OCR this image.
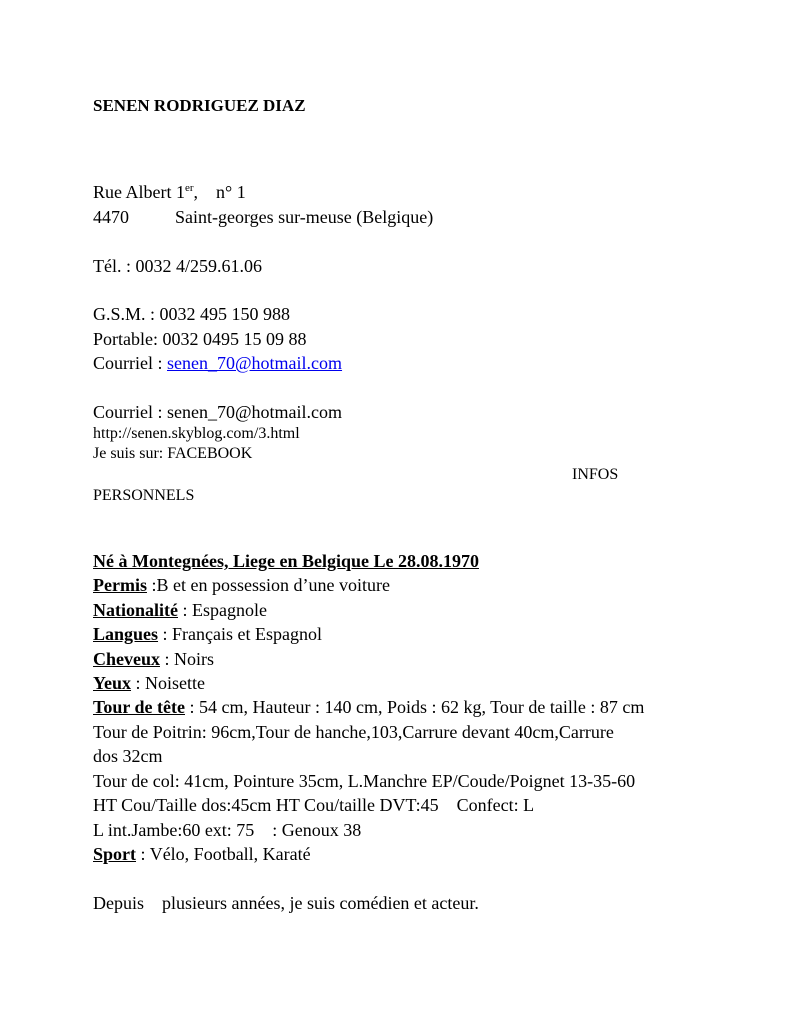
SENEN RODRIGUEZ DIAZ
Rue Albert 1er,    n° 1
4470	Saint-georges sur-meuse (Belgique)
Tél. : 0032 4/259.61.06
G.S.M. : 0032 495 150 988
Portable: 0032 0495 15 09 88
Courriel : senen_70@hotmail.com
Courriel : senen_70@hotmail.com
http://senen.skyblog.com/3.html
Je suis sur: FACEBOOK
INFOS
PERSONNELS
Né à Montegnées, Liege en Belgique Le 28.08.1970
Permis :B et en possession d’une voiture
Nationalité : Espagnole
Langues : Français et Espagnol
Cheveux : Noirs
Yeux : Noisette
Tour de tête : 54 cm, Hauteur : 140 cm, Poids : 62 kg, Tour de taille : 87 cm
Tour de Poitrin: 96cm,Tour de hanche,103,Carrure devant 40cm,Carrure
dos 32cm
Tour de col: 41cm, Pointure 35cm, L.Manchre EP/Coude/Poignet 13-35-60
HT Cou/Taille dos:45cm HT Cou/taille DVT:45    Confect: L
L int.Jambe:60 ext: 75    : Genoux 38
Sport : Vélo, Football, Karaté
Depuis    plusieurs années, je suis comédien et acteur.
